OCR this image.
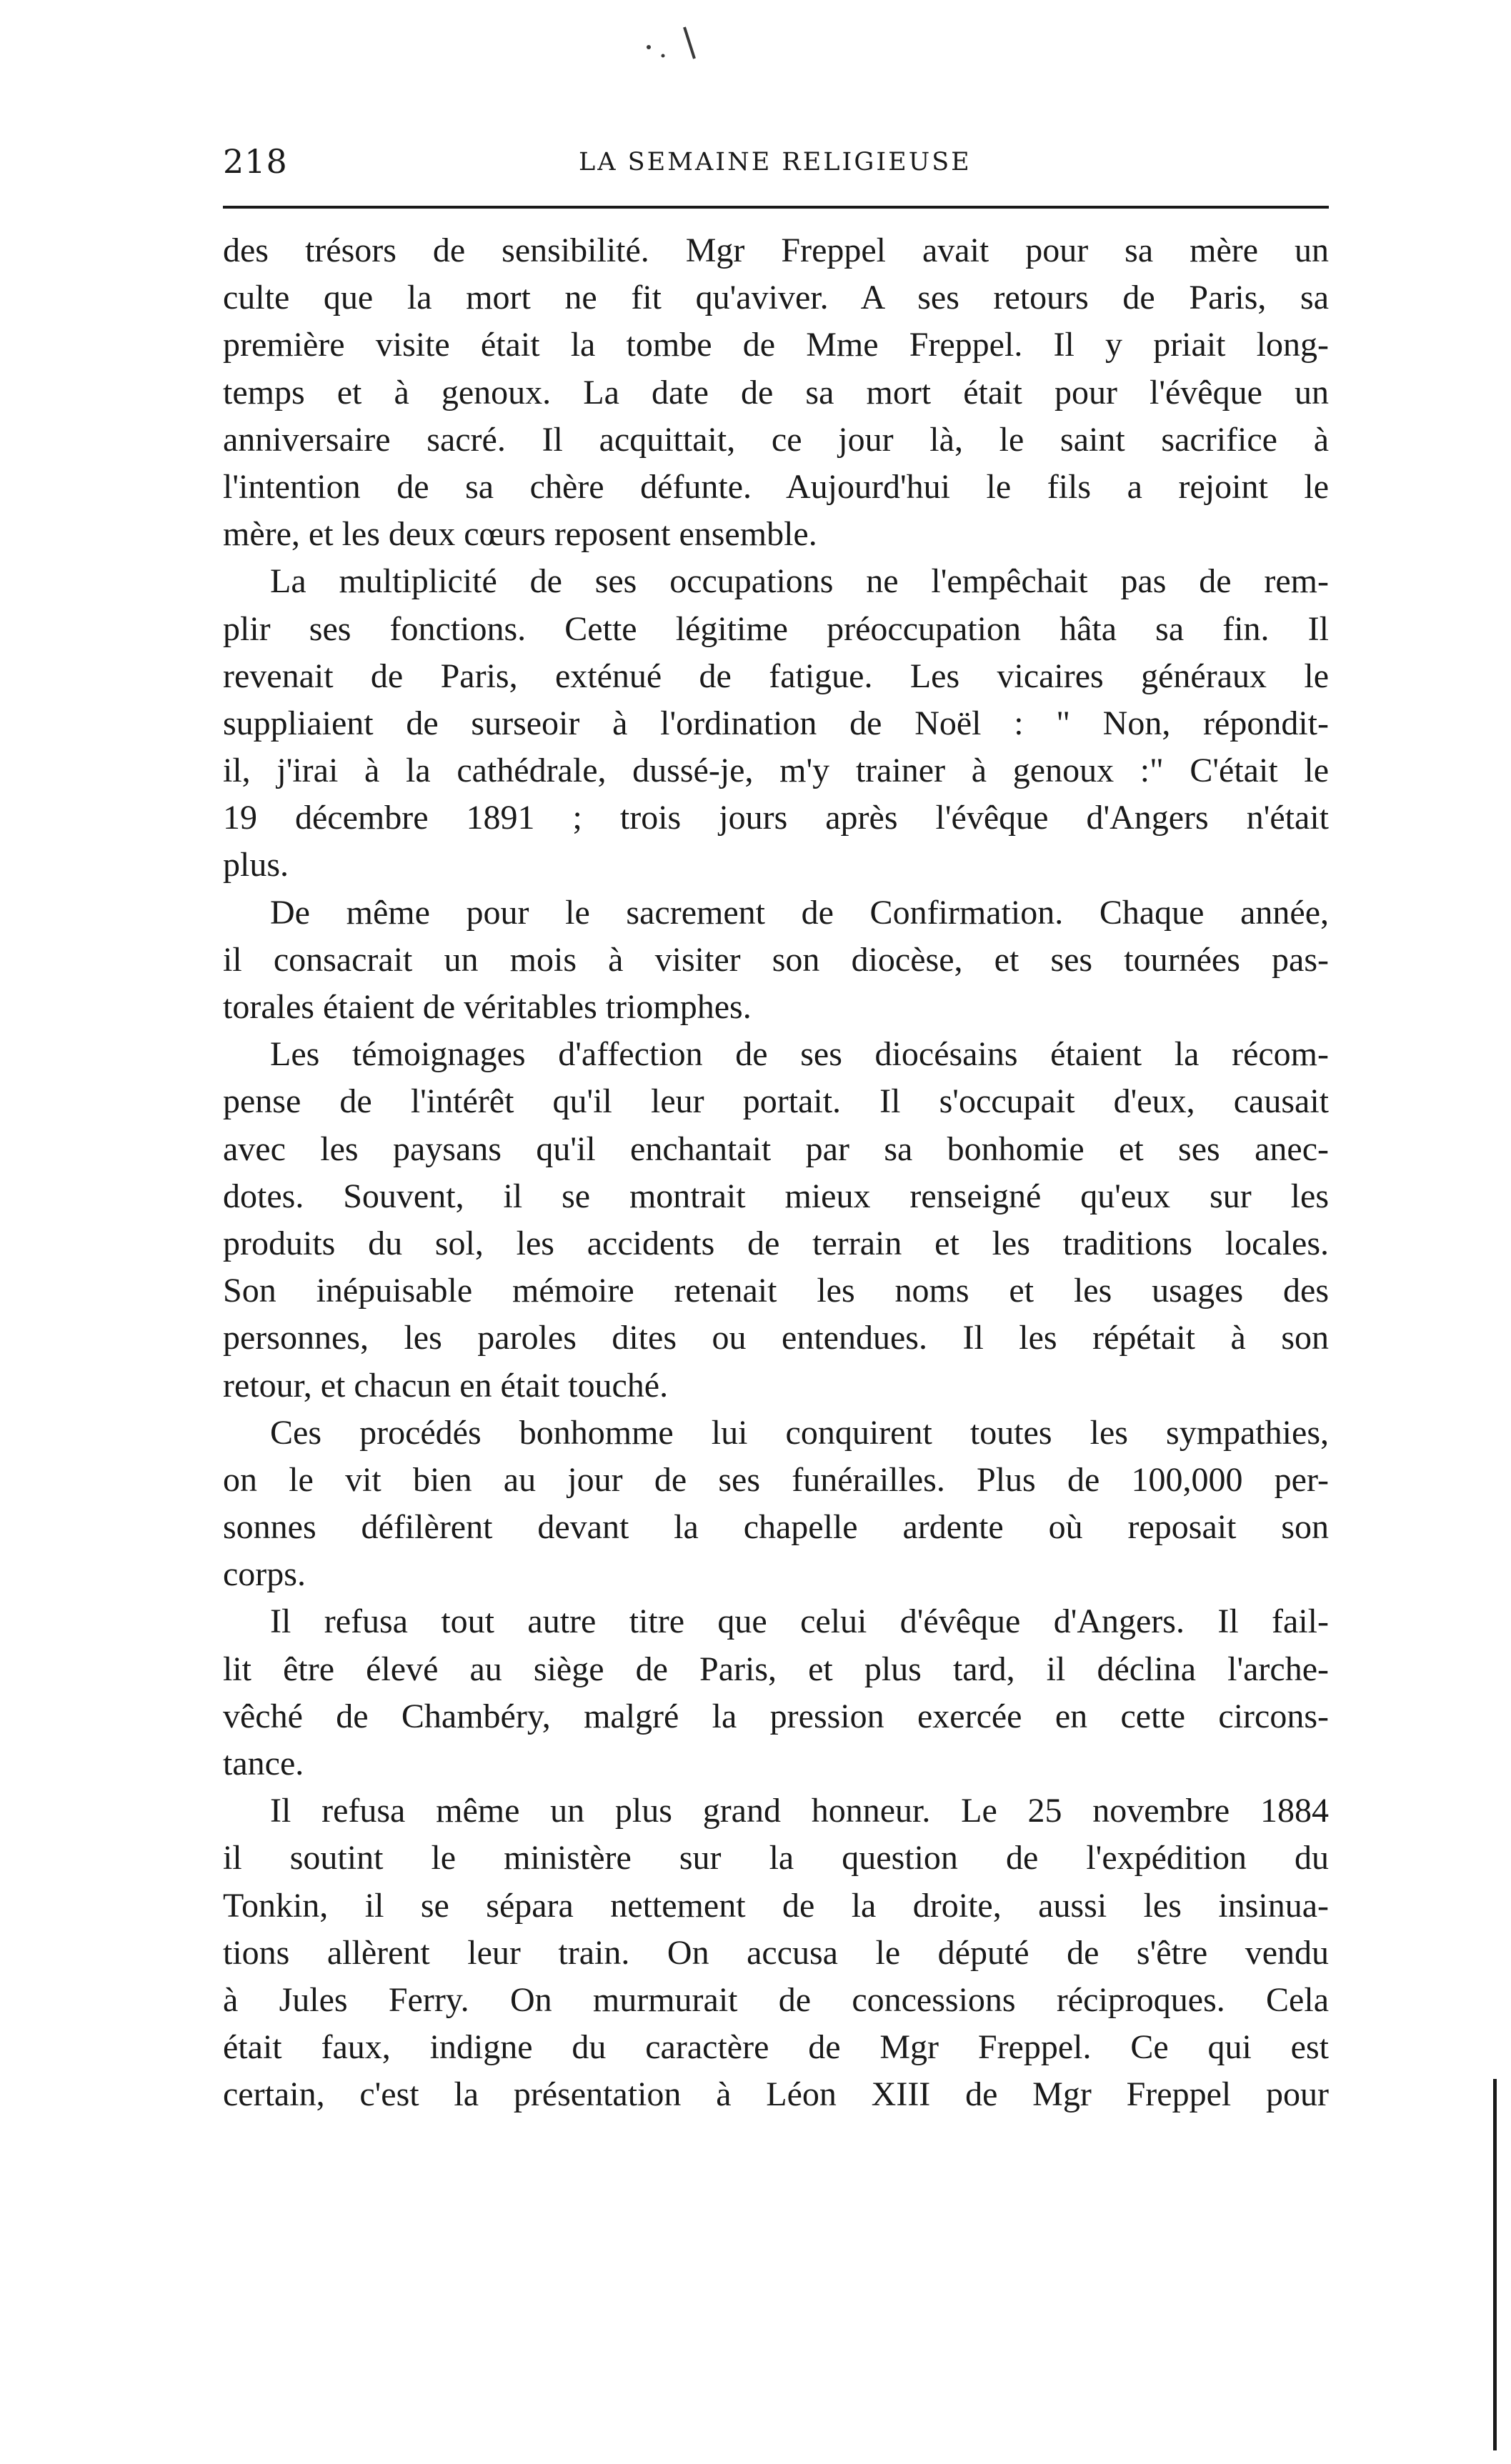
218	LA SEMAINE RELIGIEUSE

des trésors de sensibilité. Mgr Freppel avait pour sa mère un
culte que la mort ne fit qu'aviver. A ses retours de Paris, sa
première visite était la tombe de Mme Freppel. Il y priait long-
temps et à genoux. La date de sa mort était pour l'évêque un
anniversaire sacré. Il acquittait, ce jour là, le saint sacrifice à
l'intention de sa chère défunte. Aujourd'hui le fils a rejoint le
mère, et les deux cœurs reposent ensemble.

La multiplicité de ses occupations ne l'empêchait pas de rem-
plir ses fonctions. Cette légitime préoccupation hâta sa fin. Il
revenait de Paris, exténué de fatigue. Les vicaires généraux le
suppliaient de surseoir à l'ordination de Noël : " Non, répondit-
il, j'irai à la cathédrale, dussé-je, m'y trainer à genoux :" C'était le
19 décembre 1891 ; trois jours après l'évêque d'Angers n'était
plus.

De même pour le sacrement de Confirmation. Chaque année,
il consacrait un mois à visiter son diocèse, et ses tournées pas-
torales étaient de véritables triomphes.

Les témoignages d'affection de ses diocésains étaient la récom-
pense de l'intérêt qu'il leur portait. Il s'occupait d'eux, causait
avec les paysans qu'il enchantait par sa bonhomie et ses anec-
dotes. Souvent, il se montrait mieux renseigné qu'eux sur les
produits du sol, les accidents de terrain et les traditions locales.
Son inépuisable mémoire retenait les noms et les usages des
personnes, les paroles dites ou entendues. Il les répétait à son
retour, et chacun en était touché.

Ces procédés bonhomme lui conquirent toutes les sympathies,
on le vit bien au jour de ses funérailles. Plus de 100,000 per-
sonnes défilèrent devant la chapelle ardente où reposait son
corps.

Il refusa tout autre titre que celui d'évêque d'Angers. Il fail-
lit être élevé au siège de Paris, et plus tard, il déclina l'arche-
vêché de Chambéry, malgré la pression exercée en cette circons-
tance.

Il refusa même un plus grand honneur. Le 25 novembre 1884
il soutint le ministère sur la question de l'expédition du
Tonkin, il se sépara nettement de la droite, aussi les insinua-
tions allèrent leur train. On accusa le député de s'être vendu
à Jules Ferry. On murmurait de concessions réciproques. Cela
était faux, indigne du caractère de Mgr Freppel. Ce qui est
certain, c'est la présentation à Léon XIII de Mgr Freppel pour
